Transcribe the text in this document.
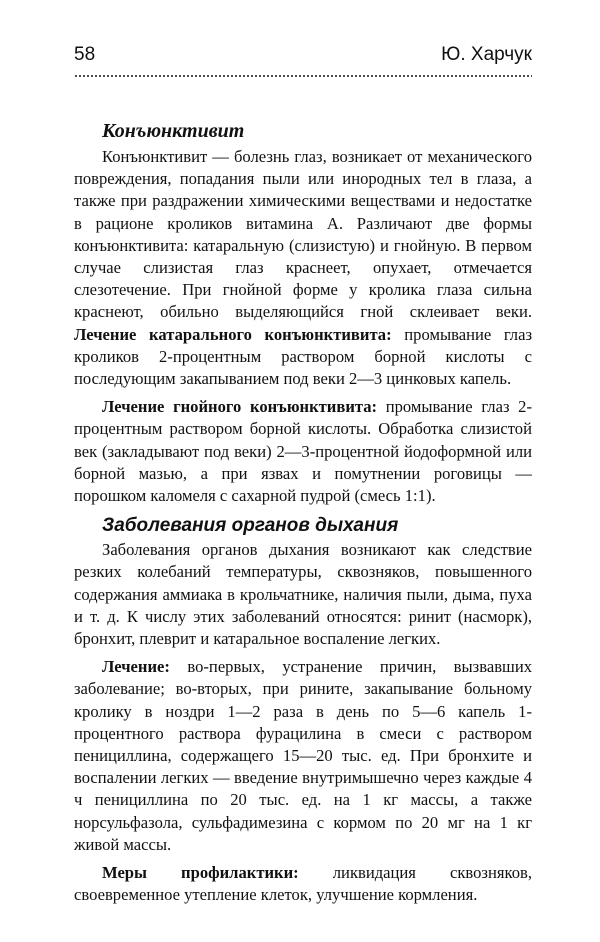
58	Ю. Харчук
Конъюнктивит

Конъюнктивит — болезнь глаз, возникает от механического повреждения, попадания пыли или инородных тел в глаза, а также при раздражении химическими веществами и недостатке в рационе кроликов витамина А. Различают две формы конъюнктивита: катаральную (слизистую) и гнойную. В первом случае слизистая глаз краснеет, опухает, отмечается слезотечение. При гнойной форме у кролика глаза сильна краснеют, обильно выделяющийся гной склеивает веки. Лечение катарального конъюнктивита: промывание глаз кроликов 2-процентным раствором борной кислоты с последующим закапыванием под веки 2—3 цинковых капель.

Лечение гнойного конъюнктивита: промывание глаз 2-процентным раствором борной кислоты. Обработка слизистой век (закладывают под веки) 2—3-процентной йодоформной или борной мазью, а при язвах и помутнении роговицы — порошком каломеля с сахарной пудрой (смесь 1:1).

Заболевания органов дыхания

Заболевания органов дыхания возникают как следствие резких колебаний температуры, сквозняков, повышенного содержания аммиака в крольчатнике, наличия пыли, дыма, пуха и т. д. К числу этих заболеваний относятся: ринит (насморк), бронхит, плеврит и катаральное воспаление легких.

Лечение: во-первых, устранение причин, вызвавших заболевание; во-вторых, при рините, закапывание больному кролику в ноздри 1—2 раза в день по 5—6 капель 1-процентного раствора фурацилина в смеси с раствором пенициллина, содержащего 15—20 тыс. ед. При бронхите и воспалении легких — введение внутримышечно через каждые 4 ч пенициллина по 20 тыс. ед. на 1 кг массы, а также норсульфазола, сульфадимезина с кормом по 20 мг на 1 кг живой массы.

Меры профилактики: ликвидация сквозняков, своевременное утепление клеток, улучшение кормления.
